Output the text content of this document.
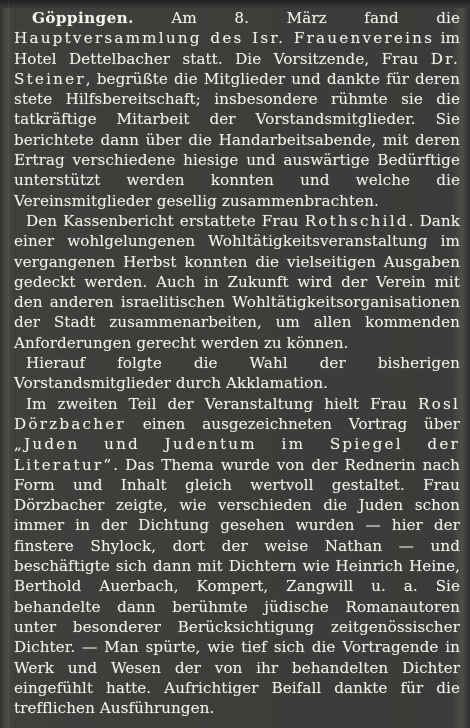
Göppingen. Am 8. März fand die Hauptversammlung des Isr. Frauenvereins im Hotel Dettelbacher statt. Die Vorsitzende, Frau Dr. Steiner, begrüßte die Mitglieder und dankte für deren stete Hilfsbereitschaft; insbesondere rühmte sie die tatkräftige Mitarbeit der Vorstandsmitglieder. Sie berichtete dann über die Handarbeitsabende, mit deren Ertrag verschiedene hiesige und auswärtige Bedürftige unterstützt werden konnten und welche die Vereinsmitglieder gesellig zusammenbrachten.

Den Kassenbericht erstattete Frau Rothschild. Dank einer wohlgelungenen Wohltätigkeitsveranstaltung im vergangenen Herbst konnten die vielseitigen Ausgaben gedeckt werden. Auch in Zukunft wird der Verein mit den anderen israelitischen Wohltätigkeitsorganisationen der Stadt zusammenarbeiten, um allen kommenden Anforderungen gerecht werden zu können.

Hierauf folgte die Wahl der bisherigen Vorstandsmitglieder durch Akklamation.

Im zweiten Teil der Veranstaltung hielt Frau Rosl Dörzbacher einen ausgezeichneten Vortrag über „Juden und Judentum im Spiegel der Literatur“. Das Thema wurde von der Rednerin nach Form und Inhalt gleich wertvoll gestaltet. Frau Dörzbacher zeigte, wie verschieden die Juden schon immer in der Dichtung gesehen wurden — hier der finstere Shylock, dort der weise Nathan — und beschäftigte sich dann mit Dichtern wie Heinrich Heine, Berthold Auerbach, Kompert, Zangwill u. a. Sie behandelte dann berühmte jüdische Romanautoren unter besonderer Berücksichtigung zeitgenössischer Dichter. — Man spürte, wie tief sich die Vortragende in Werk und Wesen der von ihr behandelten Dichter eingefühlt hatte. Aufrichtiger Beifall dankte für die trefflichen Ausführungen.
